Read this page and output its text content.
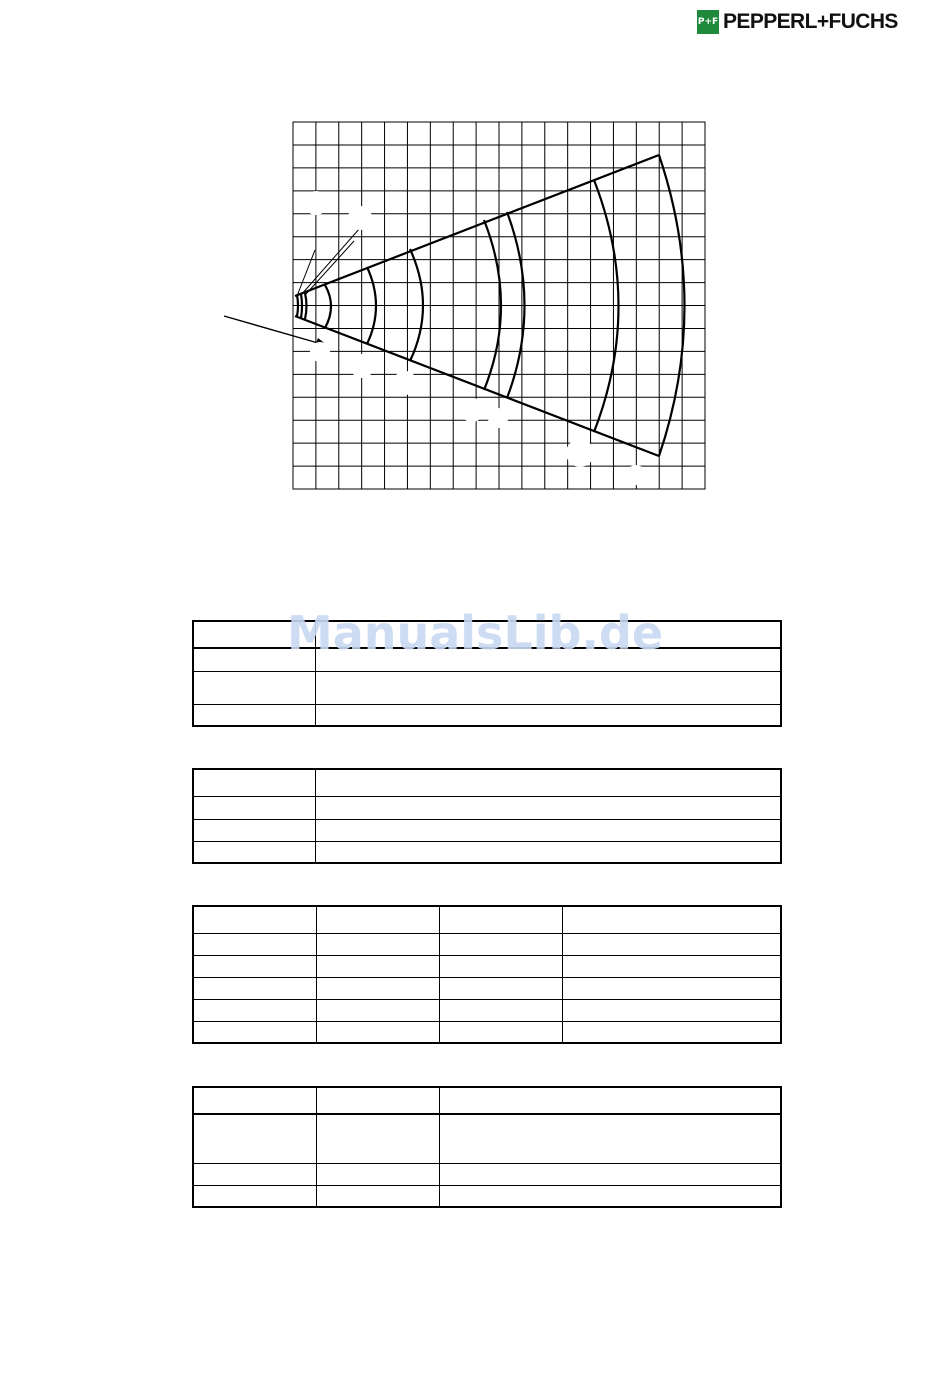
P+F PEPPERL+FUCHS
ManualsLib.de
